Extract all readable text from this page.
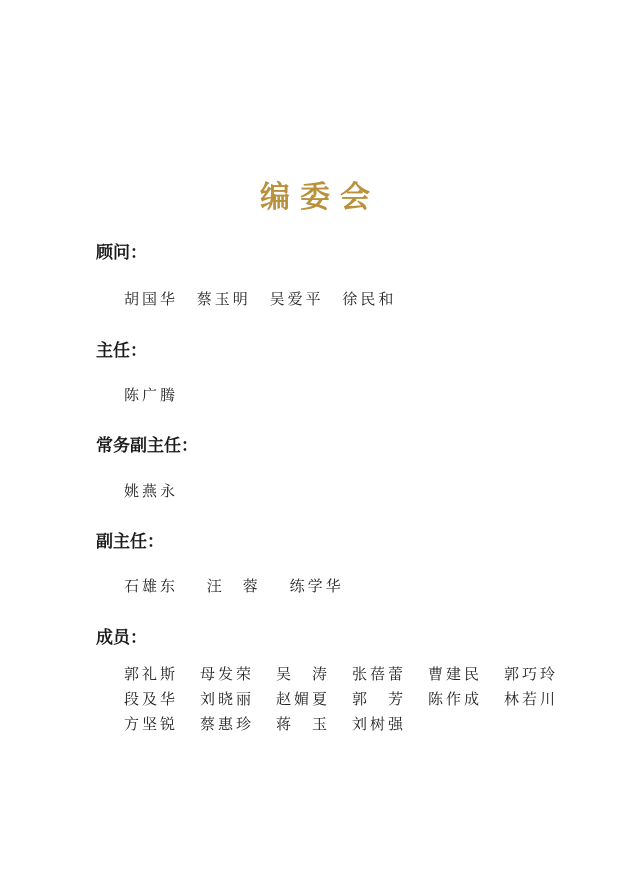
编委会
顾问：
胡国华 蔡玉明 吴爱平 徐民和
主任：
陈广腾
常务副主任：
姚燕永
副主任：
石雄东 汪　蓉 练学华
成员：
郭礼斯	母发荣	吴　涛	张蓓蕾	曹建民	郭巧玲
段及华	刘晓丽	赵媚夏	郭　芳	陈作成	林若川
方坚锐	蔡惠珍	蒋　玉	刘树强
